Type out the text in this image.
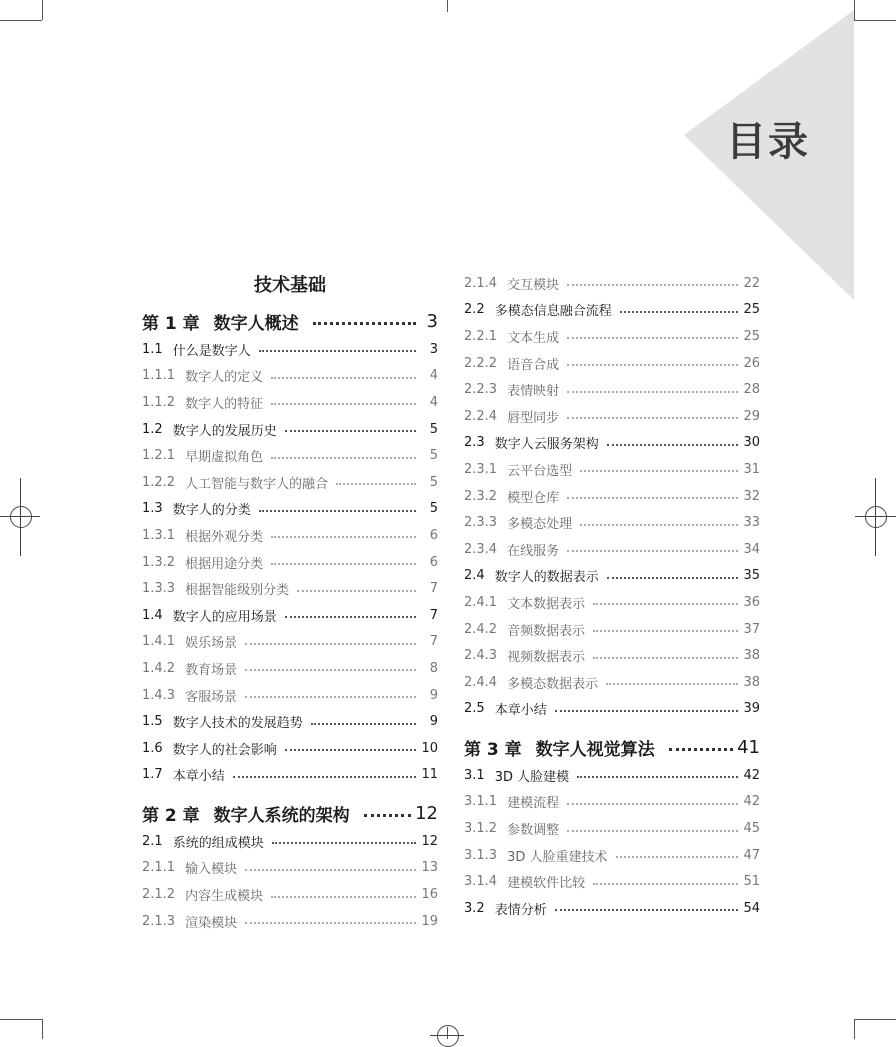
目录
技术基础
第 1 章 数字人概述	3
1.1 什么是数字人	3
1.1.1 数字人的定义	4
1.1.2 数字人的特征	4
1.2 数字人的发展历史	5
1.2.1 早期虚拟角色	5
1.2.2 人工智能与数字人的融合	5
1.3 数字人的分类	5
1.3.1 根据外观分类	6
1.3.2 根据用途分类	6
1.3.3 根据智能级别分类	7
1.4 数字人的应用场景	7
1.4.1 娱乐场景	7
1.4.2 教育场景	8
1.4.3 客服场景	9
1.5 数字人技术的发展趋势	9
1.6 数字人的社会影响	10
1.7 本章小结	11
第 2 章 数字人系统的架构	12
2.1 系统的组成模块	12
2.1.1 输入模块	13
2.1.2 内容生成模块	16
2.1.3 渲染模块	19
2.1.4 交互模块	22
2.2 多模态信息融合流程	25
2.2.1 文本生成	25
2.2.2 语音合成	26
2.2.3 表情映射	28
2.2.4 唇型同步	29
2.3 数字人云服务架构	30
2.3.1 云平台选型	31
2.3.2 模型仓库	32
2.3.3 多模态处理	33
2.3.4 在线服务	34
2.4 数字人的数据表示	35
2.4.1 文本数据表示	36
2.4.2 音频数据表示	37
2.4.3 视频数据表示	38
2.4.4 多模态数据表示	38
2.5 本章小结	39
第 3 章 数字人视觉算法	41
3.1 3D 人脸建模	42
3.1.1 建模流程	42
3.1.2 参数调整	45
3.1.3 3D 人脸重建技术	47
3.1.4 建模软件比较	51
3.2 表情分析	54
